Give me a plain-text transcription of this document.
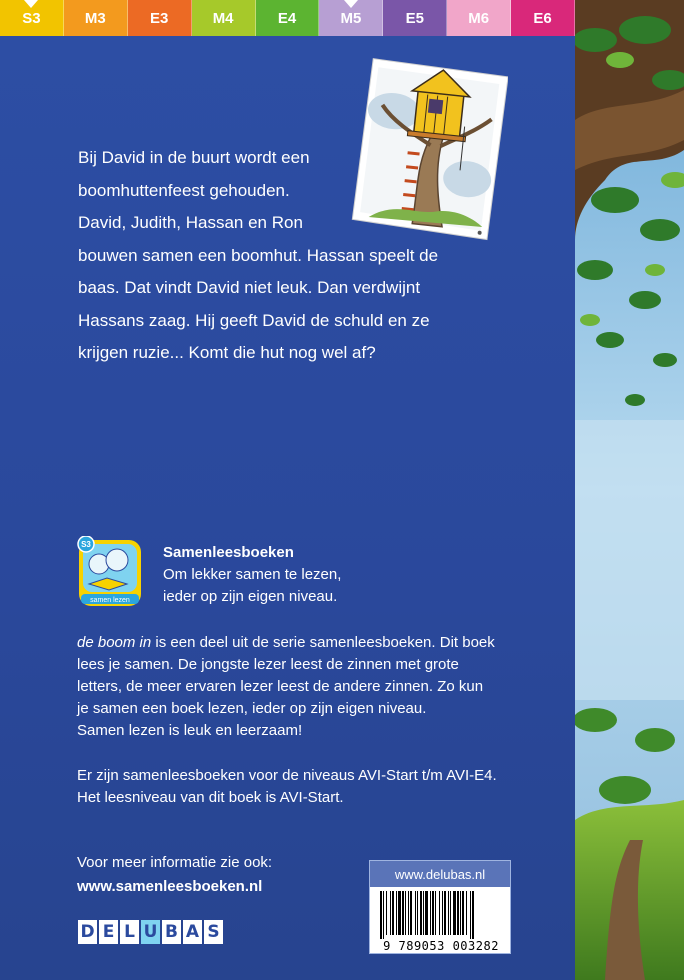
S3	M3	E3	M4	E4	M5	E5	M6	E6
Bij David in de buurt wordt een
boomhuttenfeest gehouden.
David, Judith, Hassan en Ron
bouwen samen een boomhut. Hassan speelt de
baas. Dat vindt David niet leuk. Dan verdwijnt
Hassans zaag. Hij geeft David de schuld en ze
krijgen ruzie... Komt die hut nog wel af?
S3
samen lezen
Samenleesboeken
Om lekker samen te lezen,
ieder op zijn eigen niveau.
de boom in is een deel uit de serie samenleesboeken. Dit boek
lees je samen. De jongste lezer leest de zinnen met grote
letters, de meer ervaren lezer leest de andere zinnen. Zo kun
je samen een boek lezen, ieder op zijn eigen niveau.
Samen lezen is leuk en leerzaam!
Er zijn samenleesboeken voor de niveaus AVI-Start t/m AVI-E4.
Het leesniveau van dit boek is AVI-Start.
Voor meer informatie zie ook:
www.samenleesboeken.nl
D E L U B A S
www.delubas.nl
9 789053 003282
